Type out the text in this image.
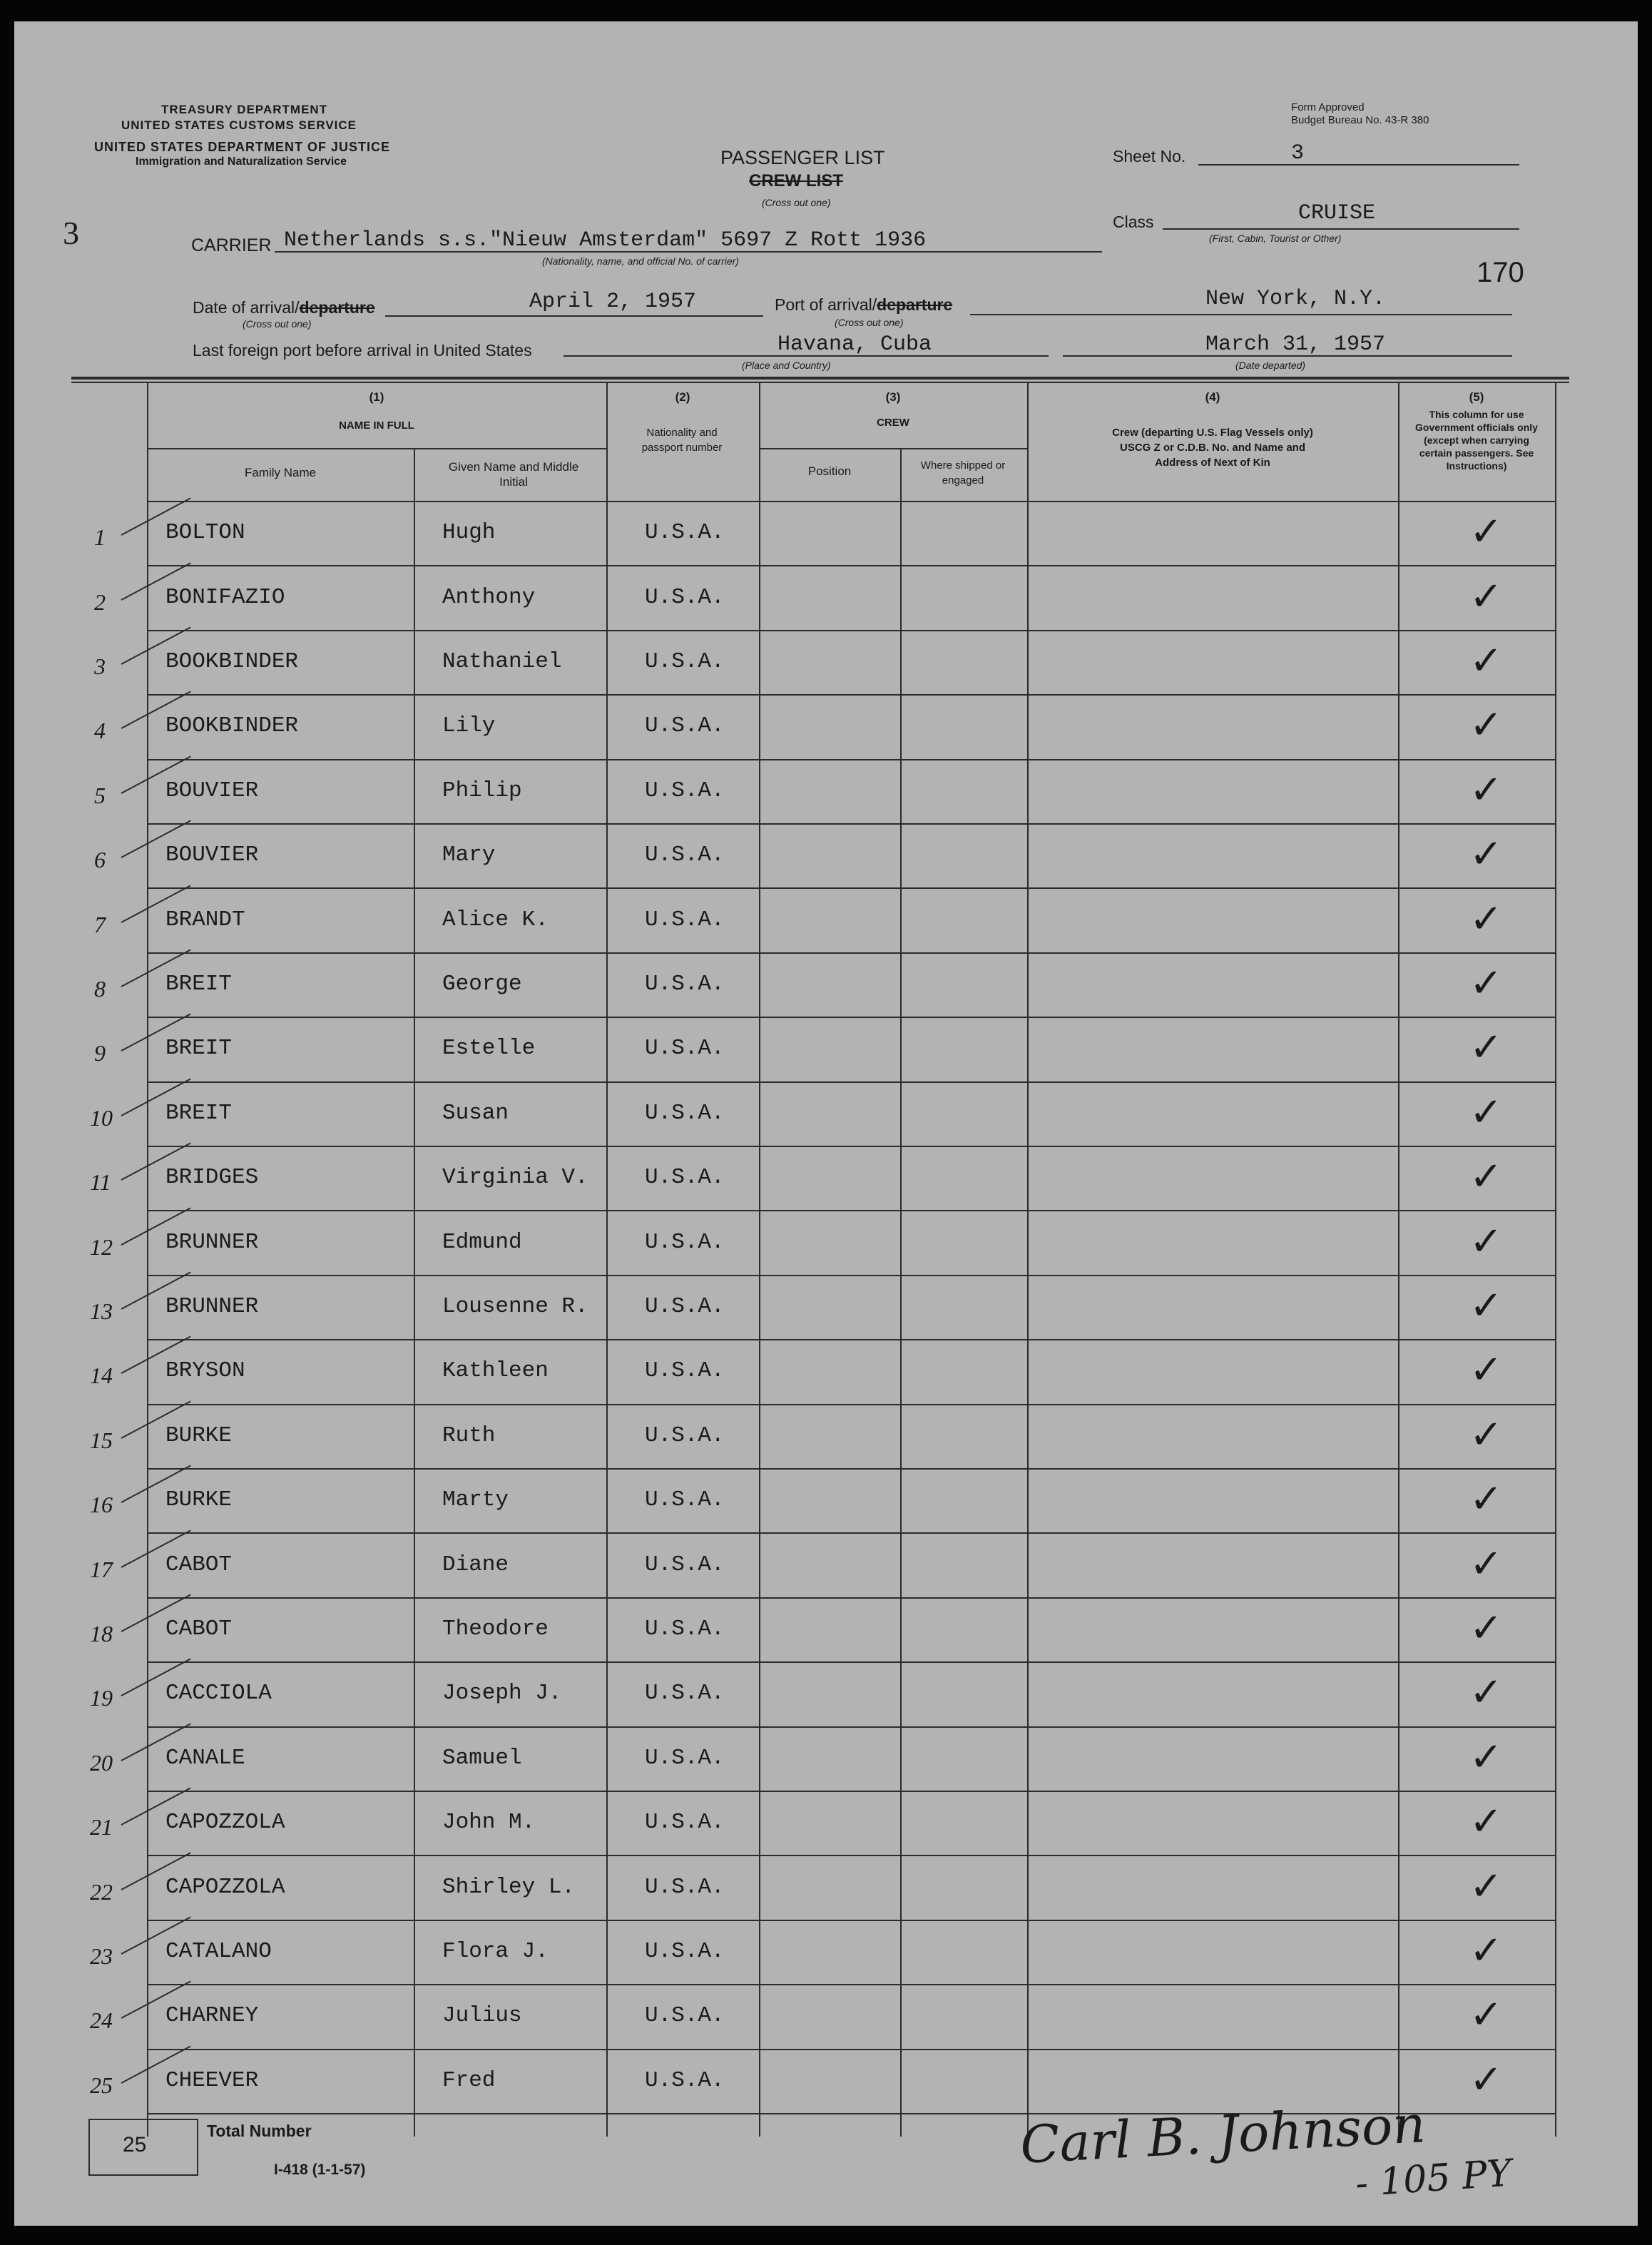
TREASURY DEPARTMENT
UNITED STATES CUSTOMS SERVICE
UNITED STATES DEPARTMENT OF JUSTICE
Immigration and Naturalization Service
Form Approved
Budget Bureau No. 43-R 380
PASSENGER LIST
CREW LIST
(Cross out one)
3
Sheet No.	3
Class	CRUISE
(First, Cabin, Tourist or Other)
170
CARRIER Netherlands s.s."Nieuw Amsterdam" 5697 Z Rott 1936
(Nationality, name, and official No. of carrier)
Date of arrival/departure
(Cross out one)
April 2, 1957	Port of arrival/departure
(Cross out one)
New York, N.Y.
Last foreign port before arrival in United States	Havana, Cuba
(Place and Country)
March 31, 1957
(Date departed)
(1)
NAME IN FULL
Family Name	Given Name and Middle Initial
(2)
Nationality and passport number
(3)
CREW
Position	Where shipped or engaged
(4)
Crew (departing U.S. Flag Vessels only) USCG Z or C.D.B. No. and Name and Address of Next of Kin
(5)
This column for use Government officials only (except when carrying certain passengers. See Instructions)
1	BOLTON	Hugh	U.S.A.	✓
2	BONIFAZIO	Anthony	U.S.A.	✓
3	BOOKBINDER	Nathaniel	U.S.A.	✓
4	BOOKBINDER	Lily	U.S.A.	✓
5	BOUVIER	Philip	U.S.A.	✓
6	BOUVIER	Mary	U.S.A.	✓
7	BRANDT	Alice K.	U.S.A.	✓
8	BREIT	George	U.S.A.	✓
9	BREIT	Estelle	U.S.A.	✓
10 BREIT	Susan	U.S.A.	✓
11 BRIDGES	Virginia V.	U.S.A.	✓
12 BRUNNER	Edmund	U.S.A.	✓
13 BRUNNER	Lousenne R.	U.S.A.	✓
14 BRYSON	Kathleen	U.S.A.	✓
15 BURKE	Ruth	U.S.A.	✓
16 BURKE	Marty	U.S.A.	✓
17 CABOT	Diane	U.S.A.	✓
18 CABOT	Theodore	U.S.A.	✓
19 CACCIOLA	Joseph J.	U.S.A.	✓
20 CANALE	Samuel	U.S.A.	✓
21 CAPOZZOLA	John M.	U.S.A.	✓
22 CAPOZZOLA	Shirley L.	U.S.A.	✓
23 CATALANO	Flora J.	U.S.A.	✓
24 CHARNEY	Julius	U.S.A.	✓
25 CHEEVER	Fred	U.S.A.	✓
25
Total Number
I-418 (1-1-57)	Carl B. Johnson
- 105 PY
